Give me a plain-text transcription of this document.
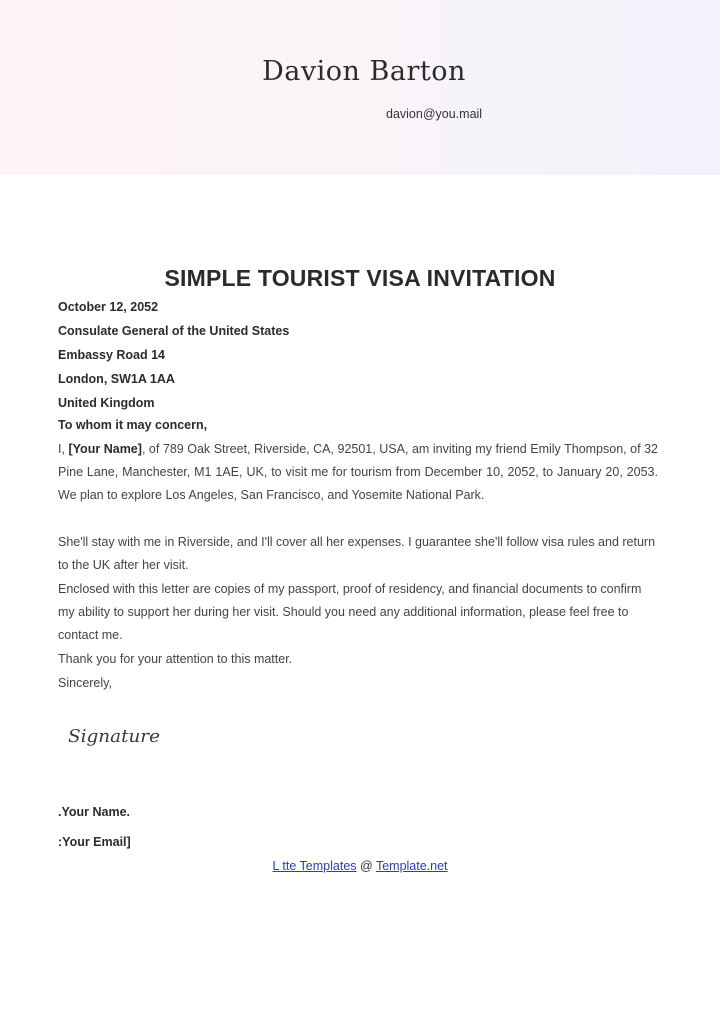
Davion Barton
davion@you.mail
SIMPLE TOURIST VISA INVITATION
October 12, 2052
Consulate General of the United States
Embassy Road 14
London, SW1A 1AA
United Kingdom
To whom it may concern,
I, [Your Name], of 789 Oak Street, Riverside, CA, 92501, USA, am inviting my friend Emily Thompson, of 32 Pine Lane, Manchester, M1 1AE, UK, to visit me for tourism from December 10, 2052, to January 20, 2053. We plan to explore Los Angeles, San Francisco, and Yosemite National Park.
She'll stay with me in Riverside, and I'll cover all her expenses. I guarantee she'll follow visa rules and return to the UK after her visit.
Enclosed with this letter are copies of my passport, proof of residency, and financial documents to confirm my ability to support her during her visit. Should you need any additional information, please feel free to contact me.
Thank you for your attention to this matter.
Sincerely,
Signature
.Your Name.
:Your Email]
L tte Templates @ Template.net
